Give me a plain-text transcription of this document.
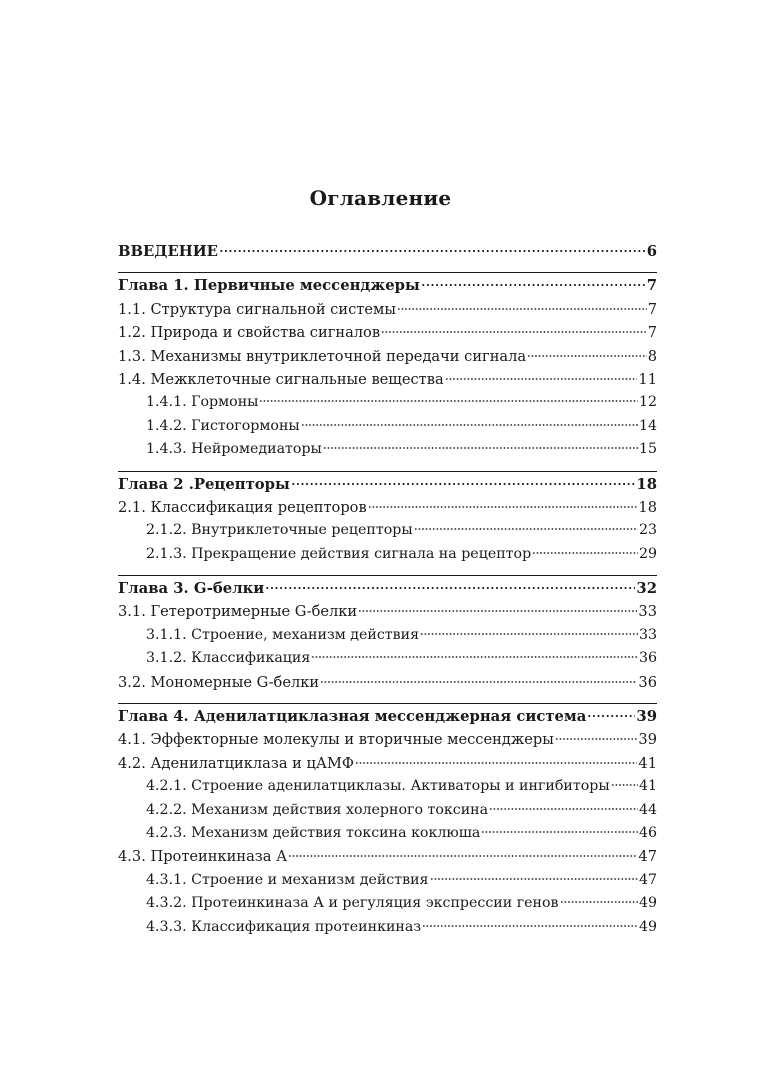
Оглавление
ВВЕДЕНИЕ	6
Глава 1. Первичные мессенджеры	7
1.1. Структура сигнальной системы	7
1.2. Природа и свойства сигналов	7
1.3. Механизмы внутриклеточной передачи сигнала	8
1.4. Межклеточные сигнальные вещества	11
1.4.1. Гормоны	12
1.4.2. Гистогормоны	14
1.4.3. Нейромедиаторы	15
Глава 2 .Рецепторы	18
2.1. Классификация рецепторов	18
2.1.2. Внутриклеточные рецепторы	23
2.1.3. Прекращение действия сигнала на рецептор	29
Глава 3. G-белки	32
3.1. Гетеротримерные G-белки	33
3.1.1. Строение, механизм действия	33
3.1.2. Классификация	36
3.2. Мономерные G-белки	36
Глава 4. Аденилатциклазная мессенджерная система	39
4.1. Эффекторные молекулы и вторичные мессенджеры	39
4.2. Аденилатциклаза и цАМФ	41
4.2.1. Строение аденилатциклазы. Активаторы и ингибиторы 41
4.2.2. Механизм действия холерного токсина	44
4.2.3. Механизм действия токсина коклюша	46
4.3. Протеинкиназа А	47
4.3.1. Строение и механизм действия	47
4.3.2. Протеинкиназа А и регуляция экспрессии генов	49
4.3.3. Классификация протеинкиназ	49
